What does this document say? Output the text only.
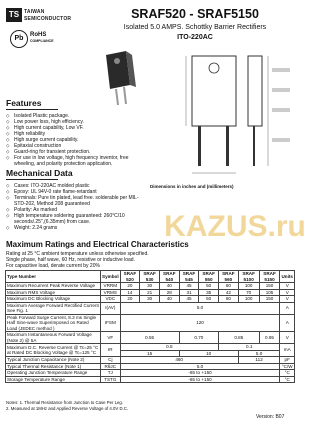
TS TAIWAN
SEMICONDUCTOR
Pb	RoHS
COMPLIANCE
SRAF520 - SRAF5150
Isolated 5.0 AMPS. Schottky Barrier Rectifiers
ITO-220AC
Dimensions in inches and (millimeters)
Features
◇ Isolated Plastic package.
◇ Low power loss, high efficiency.
◇ High current capability, Low VF.
◇ High reliability
◇ High surge current capability.
◇ Epitaxial construction
◇ Guard-ring for transient protection.
◇ For use in low voltage, high frequency inventor, free wheeling, and polarity protection application.
Mechanical Data
◇ Cases: ITO-220AC molded plastic
◇ Epoxy: UL 94V-0 rate flame-retardant
◇ Terminals: Pure tin plated, lead free. solderable per MIL-STD-202, Method 208 guaranteed
◇ Polarity: As marked
◇ High temperature soldering guaranteed: 260°C/10 seconds/.25",(6.35mm) from case.
◇ Weight: 2.24 grams	KAZUS.ru
Maximum Ratings and Electrical Characteristics
Rating at 25 °C ambient temperature unless otherwise specified.
Single phase, half wave, 60 Hz, resistive or inductive load.
For capacitive load, derate current by 20%
Type Number	Symbol	SRAF 520	SRAF 530	SRAF 540	SRAF 545	SRAF 550	SRAF 560	SRAF 5100	SRAF 5150	Units
Maximum Recurrent Peak Reverse Voltage	VRRM	20	30	40	45	50	60	100	150	V
Maximum RMS Voltage	VRMS	14	21	28	31	35	42	70	105	V
Maximum DC Blocking Voltage	VDC	20	30	40	45	50	60	100	150	V
Maximum Average Forward Rectified Current See Fig. 1	I(AV)	5.0								A
Peak Forward Surge Current, 8.3 ms Single Half Sine-wave Superimposed on Rated Load (JEDEC method )	IFSM	120								A
Maximum Instantaneous Forward Voltage (Note 2) @ 5A	VF	0.55			0.70		0.85		0.95	V
Maximum D.C. Reverse Current @ Tc=25 °C at Rated DC Blocking Voltage @ Tc=125 °C	IR	0.5					0.1			mA
		15			10			5.0		
Typical Junction Capacitance (Note 2)	Cj	460						112		pF
Typical Thermal Resistance (Note 1)	RθJC	5.0								°C/W
Operating Junction Temperature Range	TJ	-65 to +150								°C
Storage Temperature Range	TSTG	-65 to +150								°C
Notes: 1. Thermal Resistance from Junction to Case Per Leg.
2. Measured at 1MHz and Applied Reverse Voltage of 4.0V D.C.
Version: B07
